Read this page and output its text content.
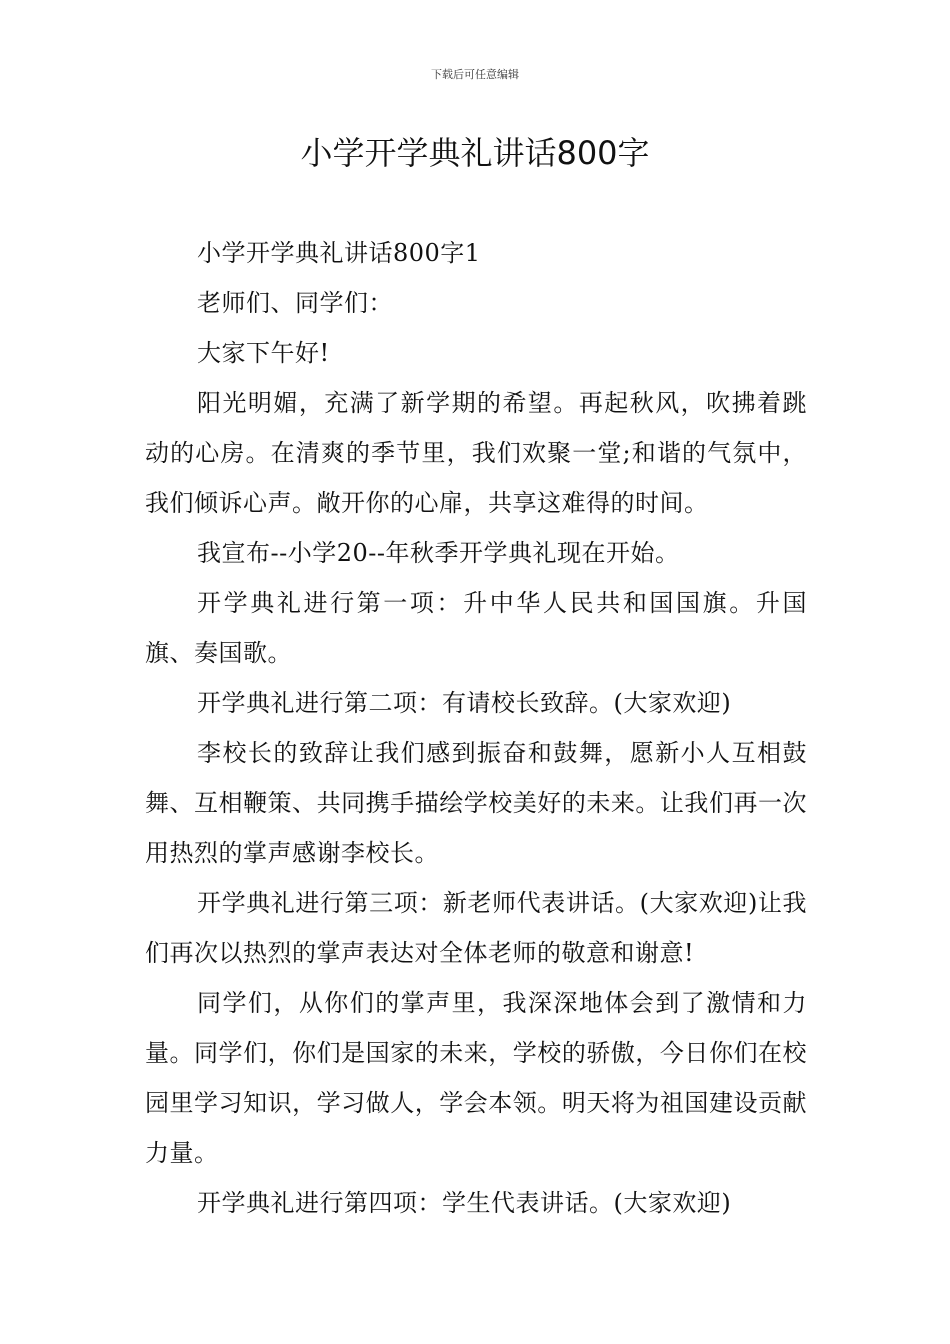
下载后可任意编辑
小学开学典礼讲话800字

小学开学典礼讲话800字1

老师们、同学们：

大家下午好!

阳光明媚，充满了新学期的希望。再起秋风，吹拂着跳动的心房。在清爽的季节里，我们欢聚一堂;和谐的气氛中，我们倾诉心声。敞开你的心扉，共享这难得的时间。

我宣布--小学20--年秋季开学典礼现在开始。

开学典礼进行第一项：升中华人民共和国国旗。升国旗、奏国歌。

开学典礼进行第二项：有请校长致辞。(大家欢迎)

李校长的致辞让我们感到振奋和鼓舞，愿新小人互相鼓舞、互相鞭策、共同携手描绘学校美好的未来。让我们再一次用热烈的掌声感谢李校长。

开学典礼进行第三项：新老师代表讲话。(大家欢迎)让我们再次以热烈的掌声表达对全体老师的敬意和谢意!

同学们，从你们的掌声里，我深深地体会到了激情和力量。同学们，你们是国家的未来，学校的骄傲，今日你们在校园里学习知识，学习做人，学会本领。明天将为祖国建设贡献力量。

开学典礼进行第四项：学生代表讲话。(大家欢迎)
